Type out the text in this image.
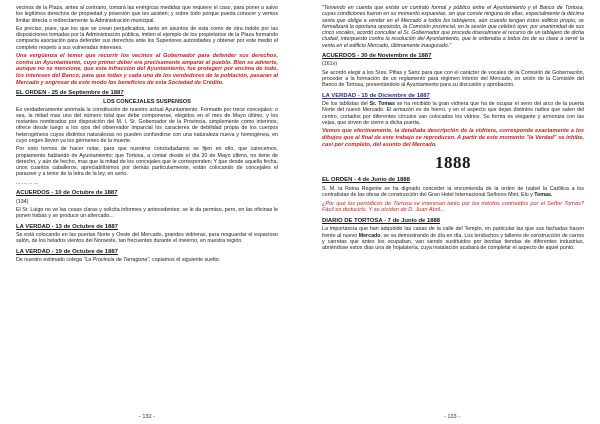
vecinos de la Plaza, antes al contrario, tomará las enérgicas medidas que requiere el caso, para poner a salvo los legítimos derechos de propiedad y posesión que les asisten; y sobre todo porque pueda conocer y vemos limitar directa o indirectamente la Administración municipal.

Es preciso, pues, que los que se crean perjudicados, tanto en asuntos de esta como de otra índole por las disposiciones tomadas por la Administración pública, imiten el ejemplo de los propietarios de la Plaza formando compacta asociación para defender sus derechos ante los Superiores autoridades y obtener por este medio el completo respeto a sus vulneradas intereses.

Una vergüenza el temer que recurrir los vecinos al Gobernador para defender sus derechos, contra un Ayuntamiento, cuyo primer deber era precisamente amparar al pueblo. Bien se advierte, aunque no se mencione, que esta infracción del Ayuntamiento, fue protegerr por encima de todo, los intereses del Banco, para que todas y cada uno de los vendedores de la población, pasaran al Mercado y engrosar de este modo los beneficios de esta Sociedad de Crédito.

EL ORDEN - 25 de Septiembre de 1887
LOS CONCEJALES SUSPENSOS

Es verdaderamente anómala la constitución de nuestro actual Ayuntamiento. Formado por trece concejales: o sea, la mitad mas uno del número total que debe componerse, elegidos en el mes de Mayo último, y los restantes nombrados por disposición del M. I. Sr. Gobernador de la Provincia, simplemente como interinos, ofrece desde luego a los ojos del observador imparcial los caracteres de debilidad propia de los cuerpos heterogéneos cuyos distintos naturalezas no pueden confundirse con una naturaleza nueva y homogénea, en cuyo origen lleven ya los gérmenes de la muerte.

Por esto hemos de hacer notar, para que nuestros conciudadanos se fijen en ello, que carecemos, propiamente hablando de Ayuntamiento; que Tortosa, a contar desde el día 20 de Mayo último, no tiene de derecho, y aún de hecho, mas que la mitad de los concejales que le corresponden; Y que desde aquella fecha, unos cuantos caballeros, apreciabilísimos por demás particularmente, están colocando de concejales el paraceer y a tenor de la letra de la ley, en serio.

... ... ... ...

ACUERDOS - 10 de Octubre de 1887

(134)

El Sr. Luigo no ve las cosas claras y solicita informes y antecedentes; se le da permiso, pero, en las oficinas le ponen trabas y se produce un altercado...

LA VERDAD - 13 de Octubre de 1887

Se está colocando en las puertas Norte y Oeste del Mercado, grandes vidrieras, para resguardar el espacioso salón, de los helados vientos del Noroeste, tan frecuentes durante el invierno, en nuestra región.

LA VERDAD - 19 de Octubre de 1887

De nuestro estimado colega "La Provincia de Tarragona", copiamos el siguiente suelto:

- 132 -

"Teniendo en cuenta que existe un contrato formal y público entre el Ayuntamiento y el Banco de Tortosa, cuyas condiciones fueron en su momento expuestas, sin que conste ninguna de ellas, especialmente la décima sexta que obliga a vender en el Mercado a todos los tablajeros, aún cuando tengan éstos edificio propio, se formalizará la oportuna oposición, la Comisión provincial, en la sesión que celebró ayer, por unanimidad de sus cinco vocales, acordó concultar al Sr. Gobernador que proceda disesalmare el recurso de un tablajero de dicha ciudad, interpuesto contra la resolución del Ayuntamiento, que le ordenaba a todos los de su clase a servir la venta en el edificio Mercado, últimamente inaugurado."

ACUERDOS - 30 de Noviembre de 1887

(161v)

Se acordó elegir a los Sres. Pifias y Sanz para que con el carácter de vocales de la Comisión de Gobernación, proceder a la formación de un reglamento para régimen interior del Mercado, en unión de la Comisión del Banco de Tortosa, presentándolo al Ayuntamiento para su discusión y aprobación.

LA VERDAD - 15 de Diciembre de 1887

De los tablistas del Sr. Tomas se ha recibido la gran vidriera que ha de ocupar el seno del arco de la puerta Norte del nuevo Mercado. El armazón es de hierro, y en el aspecto que dejan distintos radios que salen del centro, cortados por diferentes círculos van colocados los vidrios. Su forma es elegante y armoniza con las vejas, que sirven de cierre a dicha puerta.

Vemos que efectivamente, la detallada descripción de la vidriera, corresponde exactamente a los dibujos que al final de este trabajo se reproducen. A partir de este momento "la Verdad" se inhibe, casi por completo, del asunto del Mercado.

1888
EL ORDEN - 4 de Junio de 1888

S. M. la Reina Regente se ha dignado conceder la encomienda de la orden de Isabel la Católica a los contratistas de las obras de construcción del Gran Hotel Internacional Señores Mint, Elu y Tomas.

¿Por qué los periódicos de Tortosa se interesan tanto por los méritos contraídos por el Señor Tomas? Fácil es deducirlo. Y se olvidan de D. Juan Abril...

DIARIO DE TORTOSA - 7 de Junio de 1888

La importancia que han adquirido las casas de la calle del Templo, en particular las que sus fachadas hacen frente al nuevo Mercado, se va demostrando de día en día. Los tenduchos y talleres de construcción de carros y carretas que antes los ocupaban, van siendo sustituidos por bonitas tiendas de diferentes industrias, abriéndose estos días una de hojalatería, cuya instalación acabará de completar el aspecto de aquel punto.

- 133 -
